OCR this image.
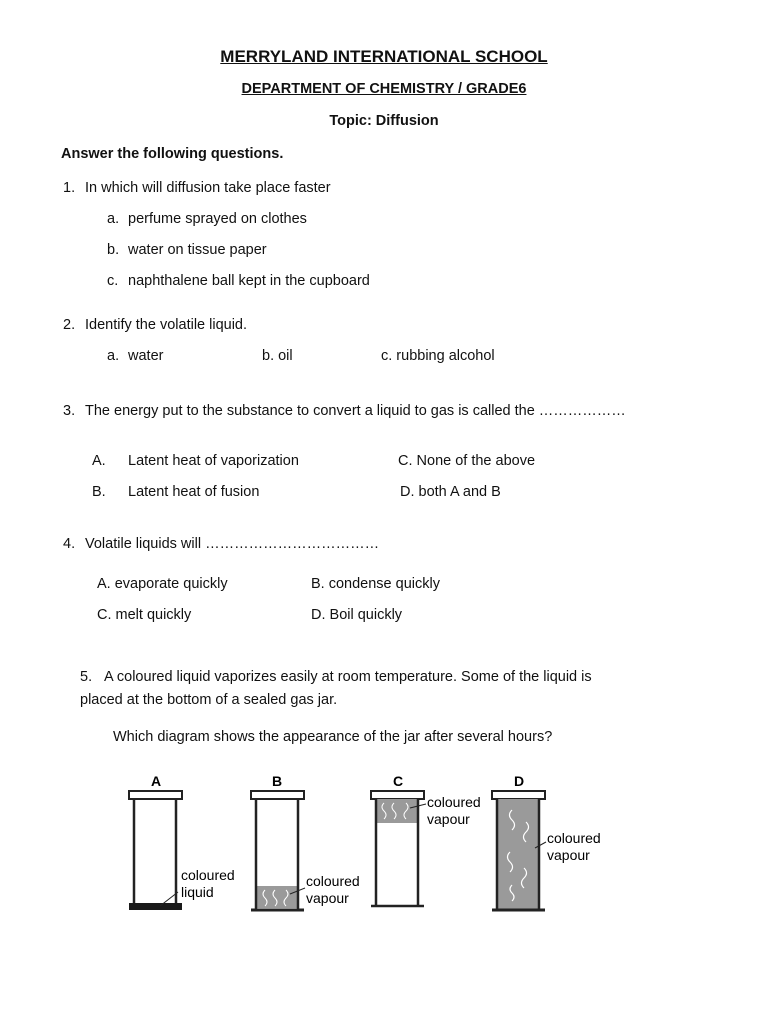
MERRYLAND INTERNATIONAL SCHOOL
DEPARTMENT OF CHEMISTRY / GRADE6
Topic: Diffusion
Answer the following questions.
1. In which will diffusion take place faster
a. perfume sprayed on clothes
b. water on tissue paper
c. naphthalene ball kept in the cupboard
2. Identify the volatile liquid.
a. water	b. oil	c. rubbing alcohol
3. The energy put to the substance to convert a liquid to gas is called the ………………
A. Latent heat of vaporization	C. None of the above
B. Latent heat of fusion	D. both A and B
4. Volatile liquids will ………………………………
A. evaporate quickly	B. condense quickly
C. melt quickly	D. Boil quickly
5. A coloured liquid vaporizes easily at room temperature. Some of the liquid is
placed at the bottom of a sealed gas jar.
Which diagram shows the appearance of the jar after several hours?
A
coloured
liquid
B
coloured
vapour
C
coloured
vapour
D
coloured
vapour
